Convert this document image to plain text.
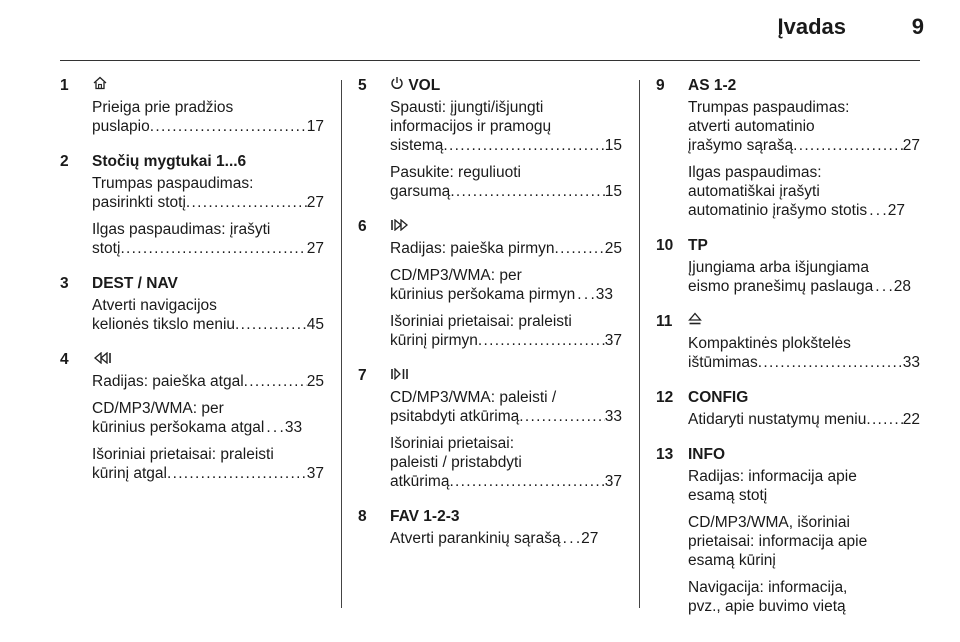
Įvadas	9
1
Prieiga prie pradžios
puslapio . . .	17
2	Stočių mygtukai 1...6
Trumpas paspaudimas:
pasirinkti stotį . . .	27
Ilgas paspaudimas: įrašyti
stotį . . .	27
3	DEST / NAV
Atverti navigacijos
kelionės tikslo meniu . . .	45
4
Radijas: paieška atgal . . .	25
CD/MP3/WMA: per
kūrinius peršokama atgal . . . 33
Išoriniai prietaisai: praleisti
kūrinį atgal . . .	37
5	VOL
Spausti: įjungti/išjungti
informacijos ir pramogų
sistemą . . .	15
Pasukite: reguliuoti
garsumą . . .	15
6
Radijas: paieška pirmyn . . .	25
CD/MP3/WMA: per
kūrinius peršokama pirmyn . . . 33
Išoriniai prietaisai: praleisti
kūrinį pirmyn . . .	37
7
CD/MP3/WMA: paleisti /
psitabdyti atkūrimą . . .	33
Išoriniai prietaisai:
paleisti / pristabdyti
atkūrimą . . .	37
8	FAV 1-2-3
Atverti parankinių sąrašą . . . 27
9	AS 1-2
Trumpas paspaudimas:
atverti automatinio
įrašymo sąrašą . . .	27
Ilgas paspaudimas:
automatiškai įrašyti
automatinio įrašymo stotis . . . 27
10 TP
Įjungiama arba išjungiama
eismo pranešimų paslauga . . . 28
11
Kompaktinės plokštelės
ištūmimas . . .	33
12 CONFIG
Atidaryti nustatymų meniu . . . 22
13 INFO
Radijas: informacija apie
esamą stotį
CD/MP3/WMA, išoriniai
prietaisai: informacija apie
esamą kūrinį
Navigacija: informacija,
pvz., apie buvimo vietą
